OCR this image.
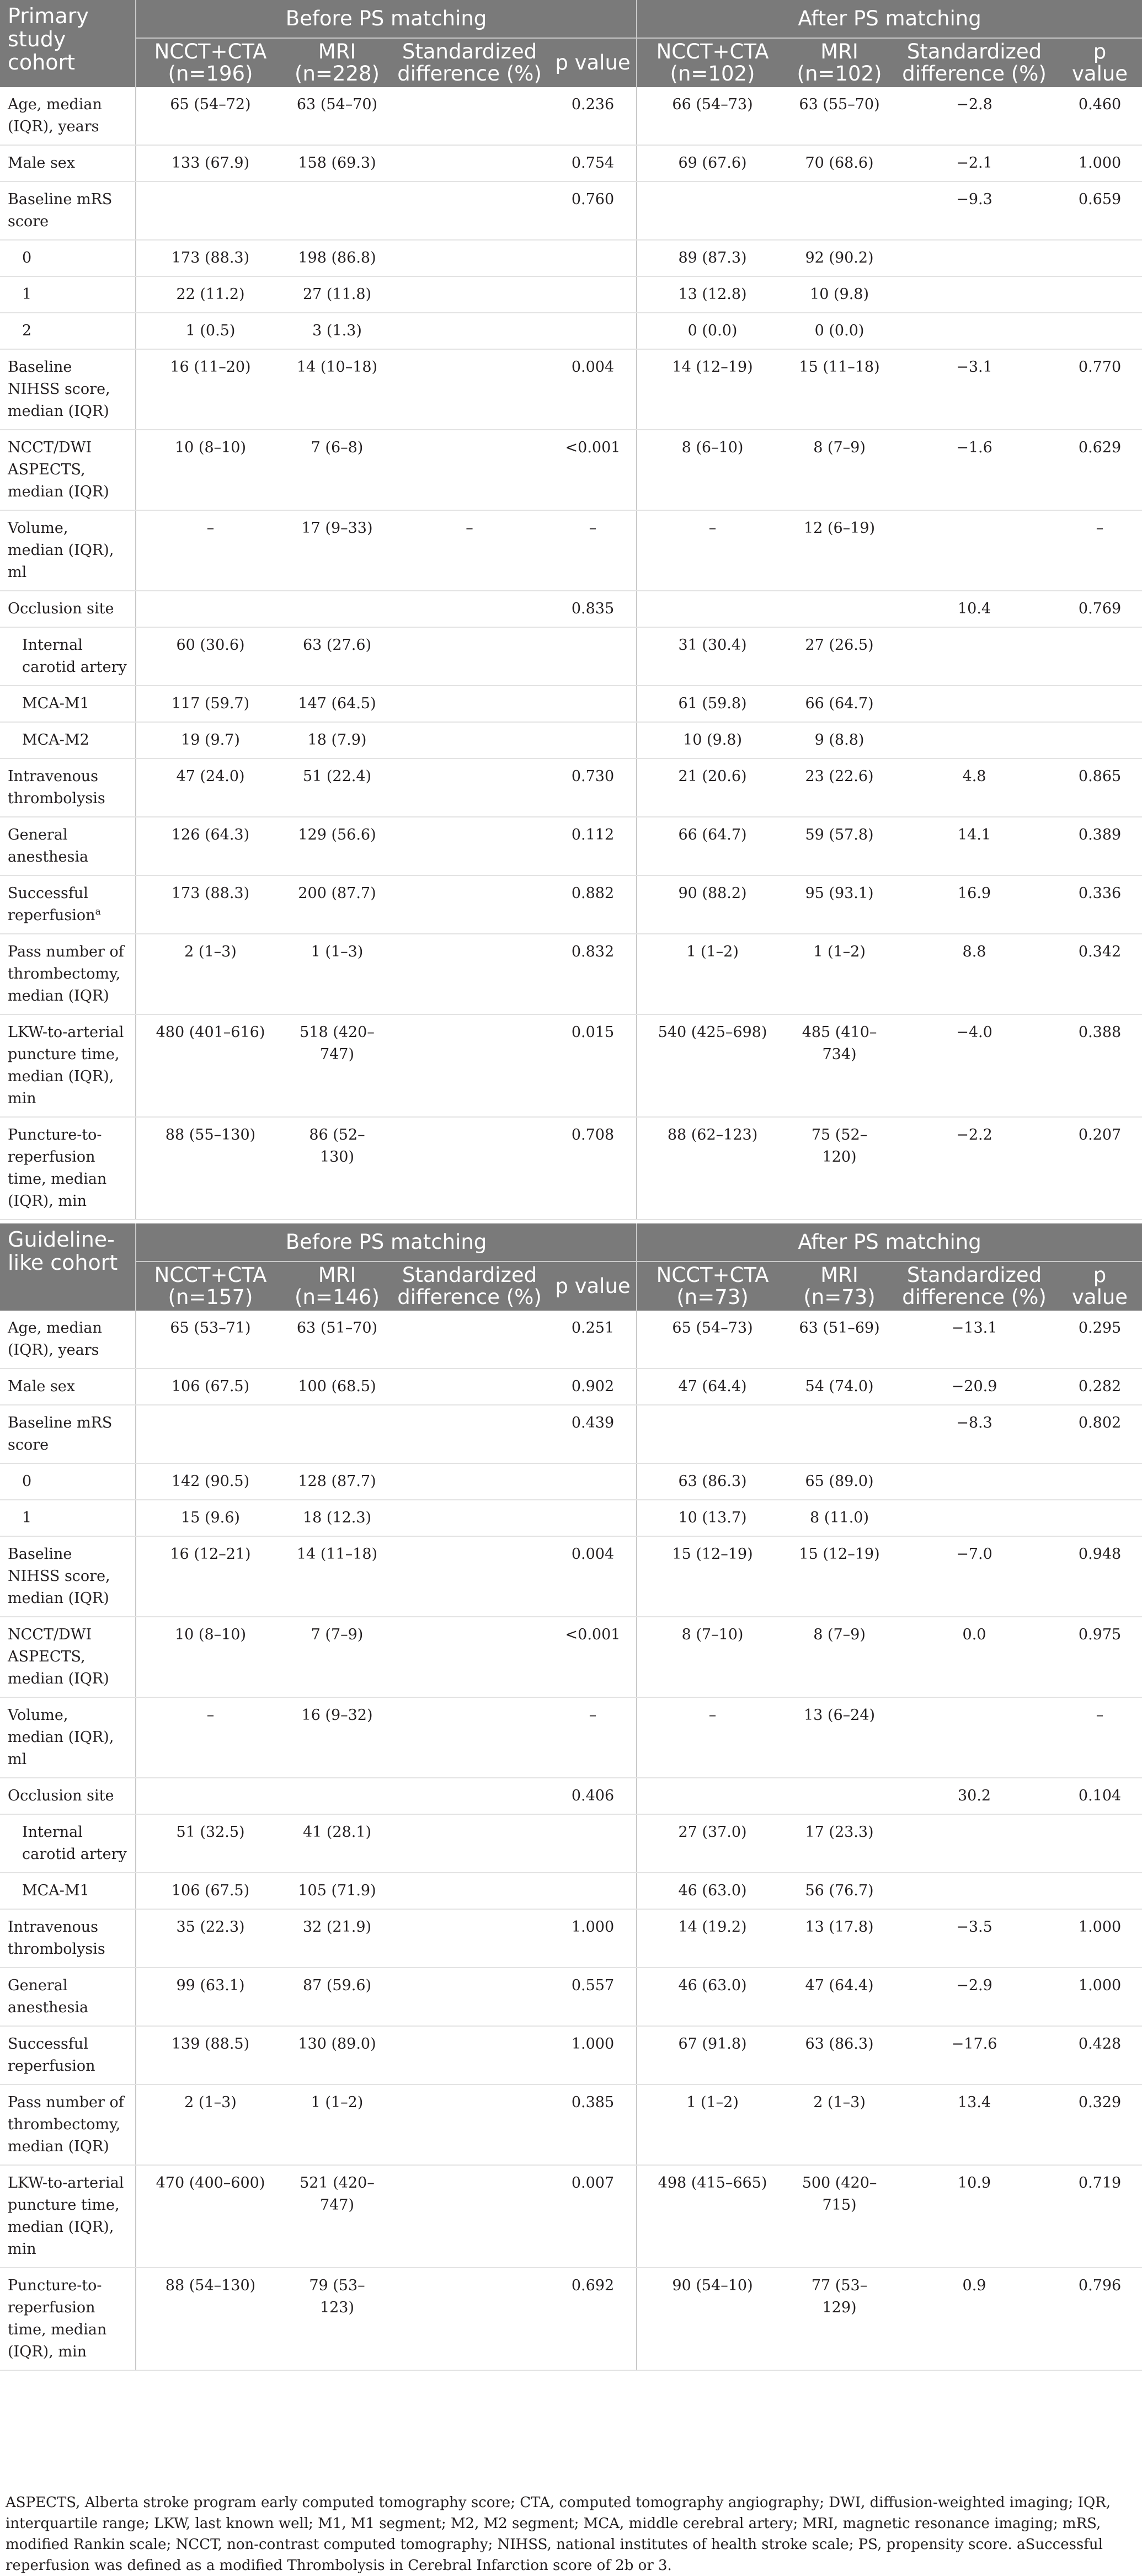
Primary study cohort	Before PS matching				After PS matching			
	NCCT+CTA (n=196)	MRI (n=228)	Standardized difference (%)	p value	NCCT+CTA (n=102)	MRI (n=102)	Standardized difference (%)	p value
Age, median (IQR), years	65 (54–72)	63 (54–70)		0.236	66 (54–73)	63 (55–70)	−2.8	0.460
Male sex	133 (67.9)	158 (69.3)		0.754	69 (67.6)	70 (68.6)	−2.1	1.000
Baseline mRS score				0.760			−9.3	0.659
0	173 (88.3)	198 (86.8)			89 (87.3)	92 (90.2)		
1	22 (11.2)	27 (11.8)			13 (12.8)	10 (9.8)		
2	1 (0.5)	3 (1.3)			0 (0.0)	0 (0.0)		
Baseline NIHSS score, median (IQR)	16 (11–20)	14 (10–18)		0.004	14 (12–19)	15 (11–18)	−3.1	0.770
NCCT/DWI ASPECTS, median (IQR)	10 (8–10)	7 (6–8)		<0.001	8 (6–10)	8 (7–9)	−1.6	0.629
Volume, median (IQR), ml	–	17 (9–33)	–	–	–	12 (6–19)		–
Occlusion site				0.835			10.4	0.769
Internal carotid artery	60 (30.6)	63 (27.6)			31 (30.4)	27 (26.5)		
MCA-M1	117 (59.7)	147 (64.5)			61 (59.8)	66 (64.7)		
MCA-M2	19 (9.7)	18 (7.9)			10 (9.8)	9 (8.8)		
Intravenous thrombolysis	47 (24.0)	51 (22.4)		0.730	21 (20.6)	23 (22.6)	4.8	0.865
General anesthesia	126 (64.3)	129 (56.6)		0.112	66 (64.7)	59 (57.8)	14.1	0.389
Successful reperfusion$^a$	173 (88.3)	200 (87.7)		0.882	90 (88.2)	95 (93.1)	16.9	0.336
Pass number of thrombectomy, median (IQR)	2 (1–3)	1 (1–3)		0.832	1 (1–2)	1 (1–2)	8.8	0.342
LKW-to-arterial puncture time, median (IQR), min	480 (401–616)	518 (420–747)		0.015	540 (425–698)	485 (410–734)	−4.0	0.388
Puncture-to-reperfusion time, median (IQR), min	88 (55–130)	86 (52–130)		0.708	88 (62–123)	75 (52–120)	−2.2	0.207

Guideline-like cohort	Before PS matching				After PS matching			
	NCCT+CTA (n=157)	MRI (n=146)	Standardized difference (%)	p value	NCCT+CTA (n=73)	MRI (n=73)	Standardized difference (%)	p value
Age, median (IQR), years	65 (53–71)	63 (51–70)		0.251	65 (54–73)	63 (51–69)	−13.1	0.295
Male sex	106 (67.5)	100 (68.5)		0.902	47 (64.4)	54 (74.0)	−20.9	0.282
Baseline mRS score				0.439			−8.3	0.802
0	142 (90.5)	128 (87.7)			63 (86.3)	65 (89.0)		
1	15 (9.6)	18 (12.3)			10 (13.7)	8 (11.0)		
Baseline NIHSS score, median (IQR)	16 (12–21)	14 (11–18)		0.004	15 (12–19)	15 (12–19)	−7.0	0.948
NCCT/DWI ASPECTS, median (IQR)	10 (8–10)	7 (7–9)		<0.001	8 (7–10)	8 (7–9)	0.0	0.975
Volume, median (IQR), ml	–	16 (9–32)		–	–	13 (6–24)		–
Occlusion site				0.406			30.2	0.104
Internal carotid artery	51 (32.5)	41 (28.1)			27 (37.0)	17 (23.3)		
MCA-M1	106 (67.5)	105 (71.9)			46 (63.0)	56 (76.7)		
Intravenous thrombolysis	35 (22.3)	32 (21.9)		1.000	14 (19.2)	13 (17.8)	−3.5	1.000
General anesthesia	99 (63.1)	87 (59.6)		0.557	46 (63.0)	47 (64.4)	−2.9	1.000
Successful reperfusion	139 (88.5)	130 (89.0)		1.000	67 (91.8)	63 (86.3)	−17.6	0.428
Pass number of thrombectomy, median (IQR)	2 (1–3)	1 (1–2)		0.385	1 (1–2)	2 (1–3)	13.4	0.329
LKW-to-arterial puncture time, median (IQR), min	470 (400–600)	521 (420–747)		0.007	498 (415–665)	500 (420–715)	10.9	0.719
Puncture-to-reperfusion time, median (IQR), min	88 (54–130)	79 (53–123)		0.692	90 (54–10)	77 (53–129)	0.9	0.796
ASPECTS, Alberta stroke program early computed tomography score; CTA, computed tomography angiography; DWI, diffusion-weighted imaging; IQR, interquartile range; LKW, last known well; M1, M1 segment; M2, M2 segment; MCA, middle cerebral artery; MRI, magnetic resonance imaging; mRS, modified Rankin scale; NCCT, non-contrast computed tomography; NIHSS, national institutes of health stroke scale; PS, propensity score. aSuccessful reperfusion was defined as a modified Thrombolysis in Cerebral Infarction score of 2b or 3.
